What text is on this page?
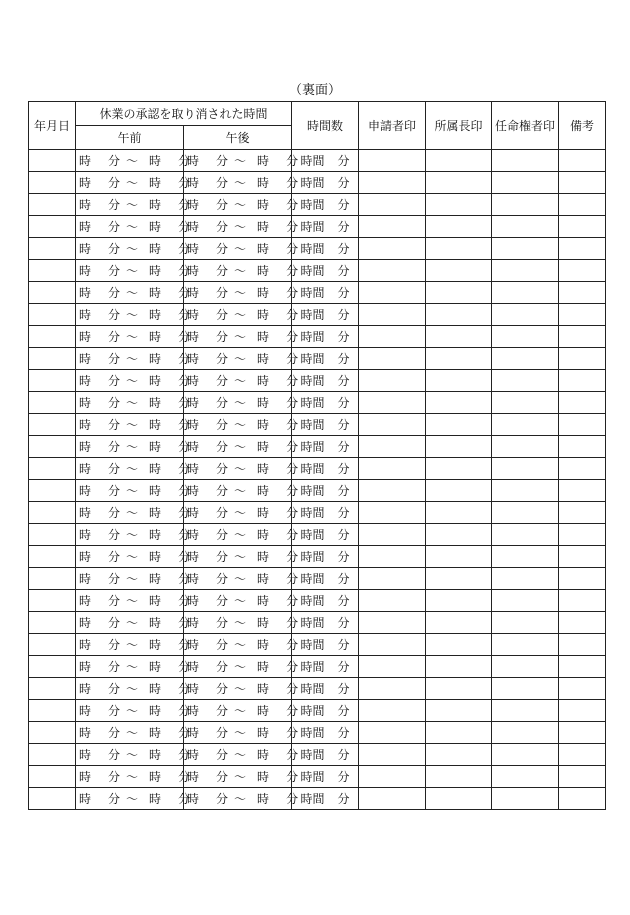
（裏面）
年月日	休業の承認を取り消された時間		時間数	申請者印	所属長印	任命権者印	備考
	午前	午後					
	時 分 〜 時 分	時 分 〜 時 分	時間 分				
	時 分 〜 時 分	時 分 〜 時 分	時間 分				
	時 分 〜 時 分	時 分 〜 時 分	時間 分				
	時 分 〜 時 分	時 分 〜 時 分	時間 分				
	時 分 〜 時 分	時 分 〜 時 分	時間 分				
	時 分 〜 時 分	時 分 〜 時 分	時間 分				
	時 分 〜 時 分	時 分 〜 時 分	時間 分				
	時 分 〜 時 分	時 分 〜 時 分	時間 分				
	時 分 〜 時 分	時 分 〜 時 分	時間 分				
	時 分 〜 時 分	時 分 〜 時 分	時間 分				
	時 分 〜 時 分	時 分 〜 時 分	時間 分				
	時 分 〜 時 分	時 分 〜 時 分	時間 分				
	時 分 〜 時 分	時 分 〜 時 分	時間 分				
	時 分 〜 時 分	時 分 〜 時 分	時間 分				
	時 分 〜 時 分	時 分 〜 時 分	時間 分				
	時 分 〜 時 分	時 分 〜 時 分	時間 分				
	時 分 〜 時 分	時 分 〜 時 分	時間 分				
	時 分 〜 時 分	時 分 〜 時 分	時間 分				
	時 分 〜 時 分	時 分 〜 時 分	時間 分				
	時 分 〜 時 分	時 分 〜 時 分	時間 分				
	時 分 〜 時 分	時 分 〜 時 分	時間 分				
	時 分 〜 時 分	時 分 〜 時 分	時間 分				
	時 分 〜 時 分	時 分 〜 時 分	時間 分				
	時 分 〜 時 分	時 分 〜 時 分	時間 分				
	時 分 〜 時 分	時 分 〜 時 分	時間 分				
	時 分 〜 時 分	時 分 〜 時 分	時間 分				
	時 分 〜 時 分	時 分 〜 時 分	時間 分				
	時 分 〜 時 分	時 分 〜 時 分	時間 分				
	時 分 〜 時 分	時 分 〜 時 分	時間 分				
	時 分 〜 時 分	時 分 〜 時 分	時間 分				
